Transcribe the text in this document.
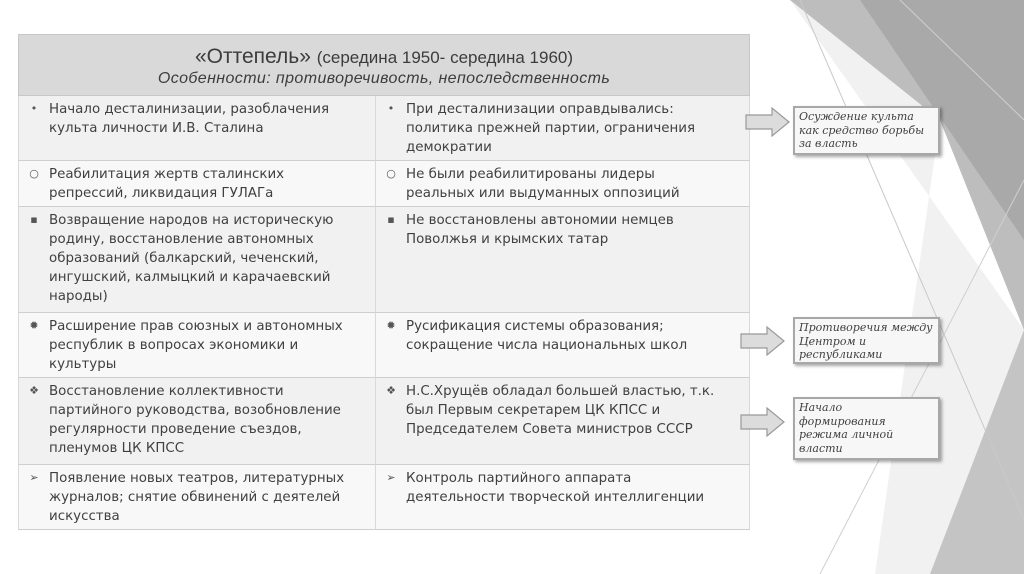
«Оттепель» (середина 1950- середина 1960)
Особенности: противоречивость, непоследственность
• Начало десталинизации, разоблачения
культа личности И.В. Сталина
• При десталинизации оправдывались:
политика прежней партии, ограничения
демократии
○ Реабилитация жертв сталинских
репрессий, ликвидация ГУЛАГа
○ Не были реабилитированы лидеры
реальных или выдуманных оппозиций
▪ Возвращение народов на историческую
родину, восстановление автономных
образований (балкарский, чеченский,
ингушский, калмыцкий и карачаевский
народы)
▪ Не восстановлены автономии немцев
Поволжья и крымских татар
✹ Расширение прав союзных и автономных
республик в вопросах экономики и
культуры
✹ Русификация системы образования;
сокращение числа национальных школ
❖ Восстановление коллективности
партийного руководства, возобновление
регулярности проведение съездов,
пленумов ЦК КПСС
❖ Н.С.Хрущёв обладал большей властью, т.к.
был Первым секретарем ЦК КПСС и
Председателем Совета министров СССР
➢ Появление новых театров, литературных
журналов; снятие обвинений с деятелей
искусства
➢ Контроль партийного аппарата
деятельности творческой интеллигенции
Осуждение культа
как средство борьбы
за власть
Противоречия между
Центром и
республиками
Начало
формирования
режима личной
власти
